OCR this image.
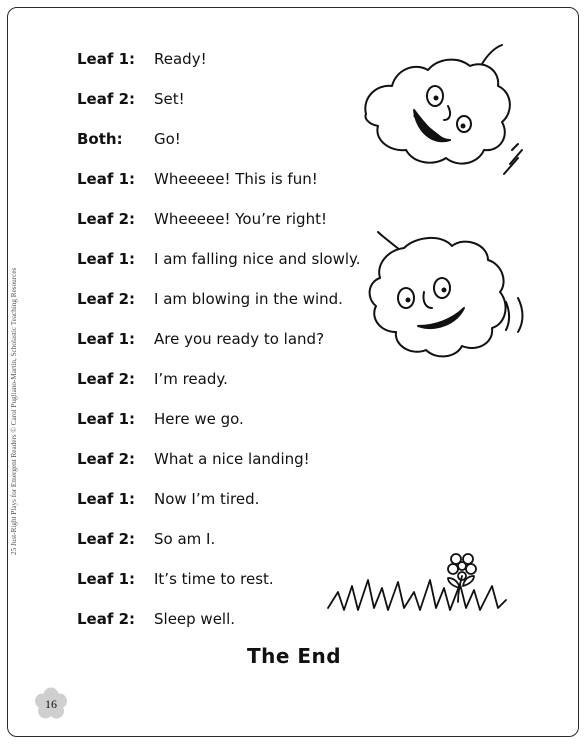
25 Just-Right Plays for Emergent Readers © Carol Pugliano-Martin, Scholastic Teaching Resources
Leaf 1: Ready!
Leaf 2: Set!
Both: Go!
Leaf 1: Wheeeee! This is fun!
Leaf 2: Wheeeee! You’re right!
Leaf 1: I am falling nice and slowly.
Leaf 2: I am blowing in the wind.
Leaf 1: Are you ready to land?
Leaf 2: I’m ready.
Leaf 1: Here we go.
Leaf 2: What a nice landing!
Leaf 1: Now I’m tired.
Leaf 2: So am I.
Leaf 1: It’s time to rest.
Leaf 2: Sleep well.
The End
16
